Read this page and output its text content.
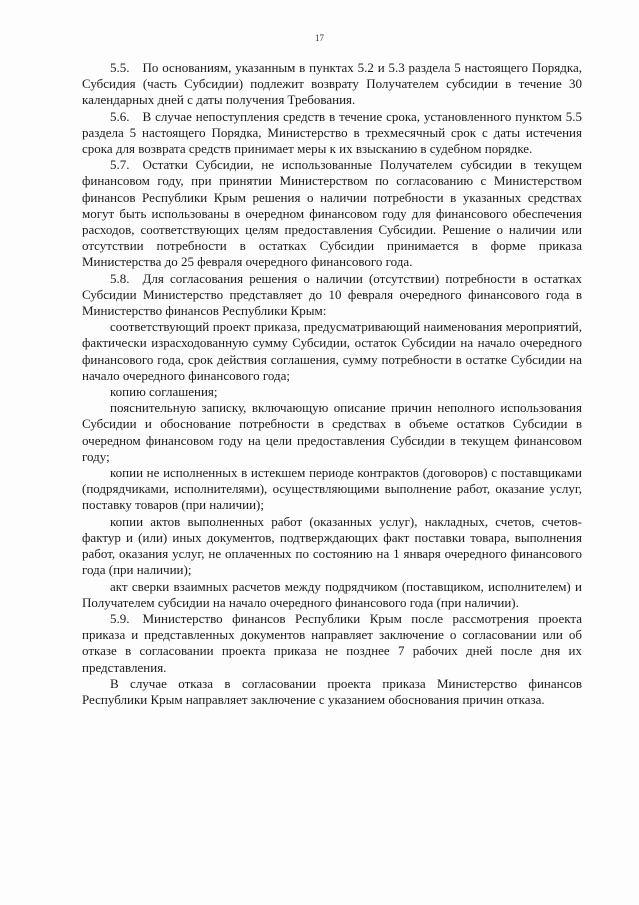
17

5.5. По основаниям, указанным в пунктах 5.2 и 5.3 раздела 5 настоящего Порядка, Субсидия (часть Субсидии) подлежит возврату Получателем субсидии в течение 30 календарных дней с даты получения Требования.

5.6. В случае непоступления средств в течение срока, установленного пунктом 5.5 раздела 5 настоящего Порядка, Министерство в трехмесячный срок с даты истечения срока для возврата средств принимает меры к их взысканию в судебном порядке.

5.7. Остатки Субсидии, не использованные Получателем субсидии в текущем финансовом году, при принятии Министерством по согласованию с Министерством финансов Республики Крым решения о наличии потребности в указанных средствах могут быть использованы в очередном финансовом году для финансового обеспечения расходов, соответствующих целям предоставления Субсидии. Решение о наличии или отсутствии потребности в остатках Субсидии принимается в форме приказа Министерства до 25 февраля очередного финансового года.

5.8. Для согласования решения о наличии (отсутствии) потребности в остатках Субсидии Министерство представляет до 10 февраля очередного финансового года в Министерство финансов Республики Крым:

соответствующий проект приказа, предусматривающий наименования мероприятий, фактически израсходованную сумму Субсидии, остаток Субсидии на начало очередного финансового года, срок действия соглашения, сумму потребности в остатке Субсидии на начало очередного финансового года;

копию соглашения;

пояснительную записку, включающую описание причин неполного использования Субсидии и обоснование потребности в средствах в объеме остатков Субсидии в очередном финансовом году на цели предоставления Субсидии в текущем финансовом году;

копии не исполненных в истекшем периоде контрактов (договоров) с поставщиками (подрядчиками, исполнителями), осуществляющими выполнение работ, оказание услуг, поставку товаров (при наличии);

копии актов выполненных работ (оказанных услуг), накладных, счетов, счетов-фактур и (или) иных документов, подтверждающих факт поставки товара, выполнения работ, оказания услуг, не оплаченных по состоянию на 1 января очередного финансового года (при наличии);

акт сверки взаимных расчетов между подрядчиком (поставщиком, исполнителем) и Получателем субсидии на начало очередного финансового года (при наличии).

5.9. Министерство финансов Республики Крым после рассмотрения проекта приказа и представленных документов направляет заключение о согласовании или об отказе в согласовании проекта приказа не позднее 7 рабочих дней после дня их представления.

В случае отказа в согласовании проекта приказа Министерство финансов Республики Крым направляет заключение с указанием обоснования причин отказа.
